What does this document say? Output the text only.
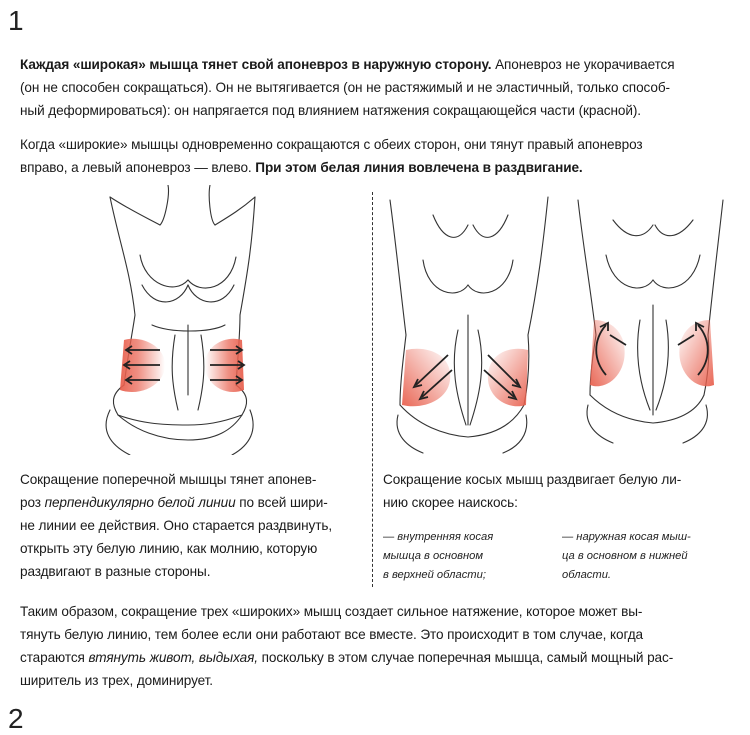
1
Каждая «широкая» мышца тянет свой апоневроз в наружную сторону. Апоневроз не укорачивается
(он не способен сокращаться). Он не вытягивается (он не растяжимый и не эластичный, только способ-
ный деформироваться): он напрягается под влиянием натяжения сокращающейся части (красной).
Когда «широкие» мышцы одновременно сокращаются с обеих сторон, они тянут правый апоневроз
вправо, а левый апоневроз — влево. При этом белая линия вовлечена в раздвигание.
Сокращение поперечной мышцы тянет апонев-
роз перпендикулярно белой линии по всей шири-
не линии ее действия. Оно старается раздвинуть,
открыть эту белую линию, как молнию, которую
раздвигают в разные стороны.
Сокращение косых мышц раздвигает белую ли-
нию скорее наискось:
— внутренняя косая
мышца в основном
в верхней области;
— наружная косая мыш-
ца в основном в нижней
области.
Таким образом, сокращение трех «широких» мышц создает сильное натяжение, которое может вы-
тянуть белую линию, тем более если они работают все вместе. Это происходит в том случае, когда
стараются втянуть живот, выдыхая, поскольку в этом случае поперечная мышца, самый мощный рас-
ширитель из трех, доминирует.
2
